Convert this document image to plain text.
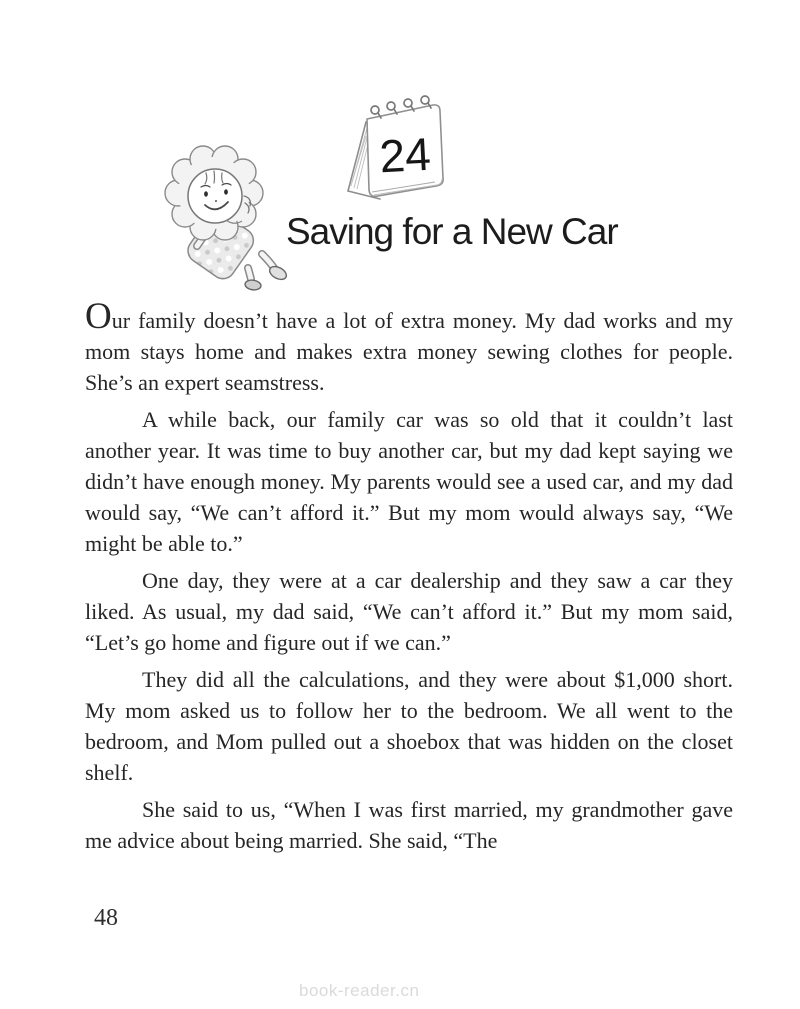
24
Saving for a New Car

Our family doesn’t have a lot of extra money. My dad works and my mom stays home and makes extra money sewing clothes for people. She’s an expert seamstress.

A while back, our family car was so old that it couldn’t last another year. It was time to buy another car, but my dad kept saying we didn’t have enough money. My parents would see a used car, and my dad would say, “We can’t afford it.” But my mom would always say, “We might be able to.”

One day, they were at a car dealership and they saw a car they liked. As usual, my dad said, “We can’t afford it.” But my mom said, “Let’s go home and figure out if we can.”

They did all the calculations, and they were about $1,000 short. My mom asked us to follow her to the bedroom. We all went to the bedroom, and Mom pulled out a shoebox that was hidden on the closet shelf.

She said to us, “When I was first married, my grandmother gave me advice about being married. She said, “The

48
book-reader.cn
